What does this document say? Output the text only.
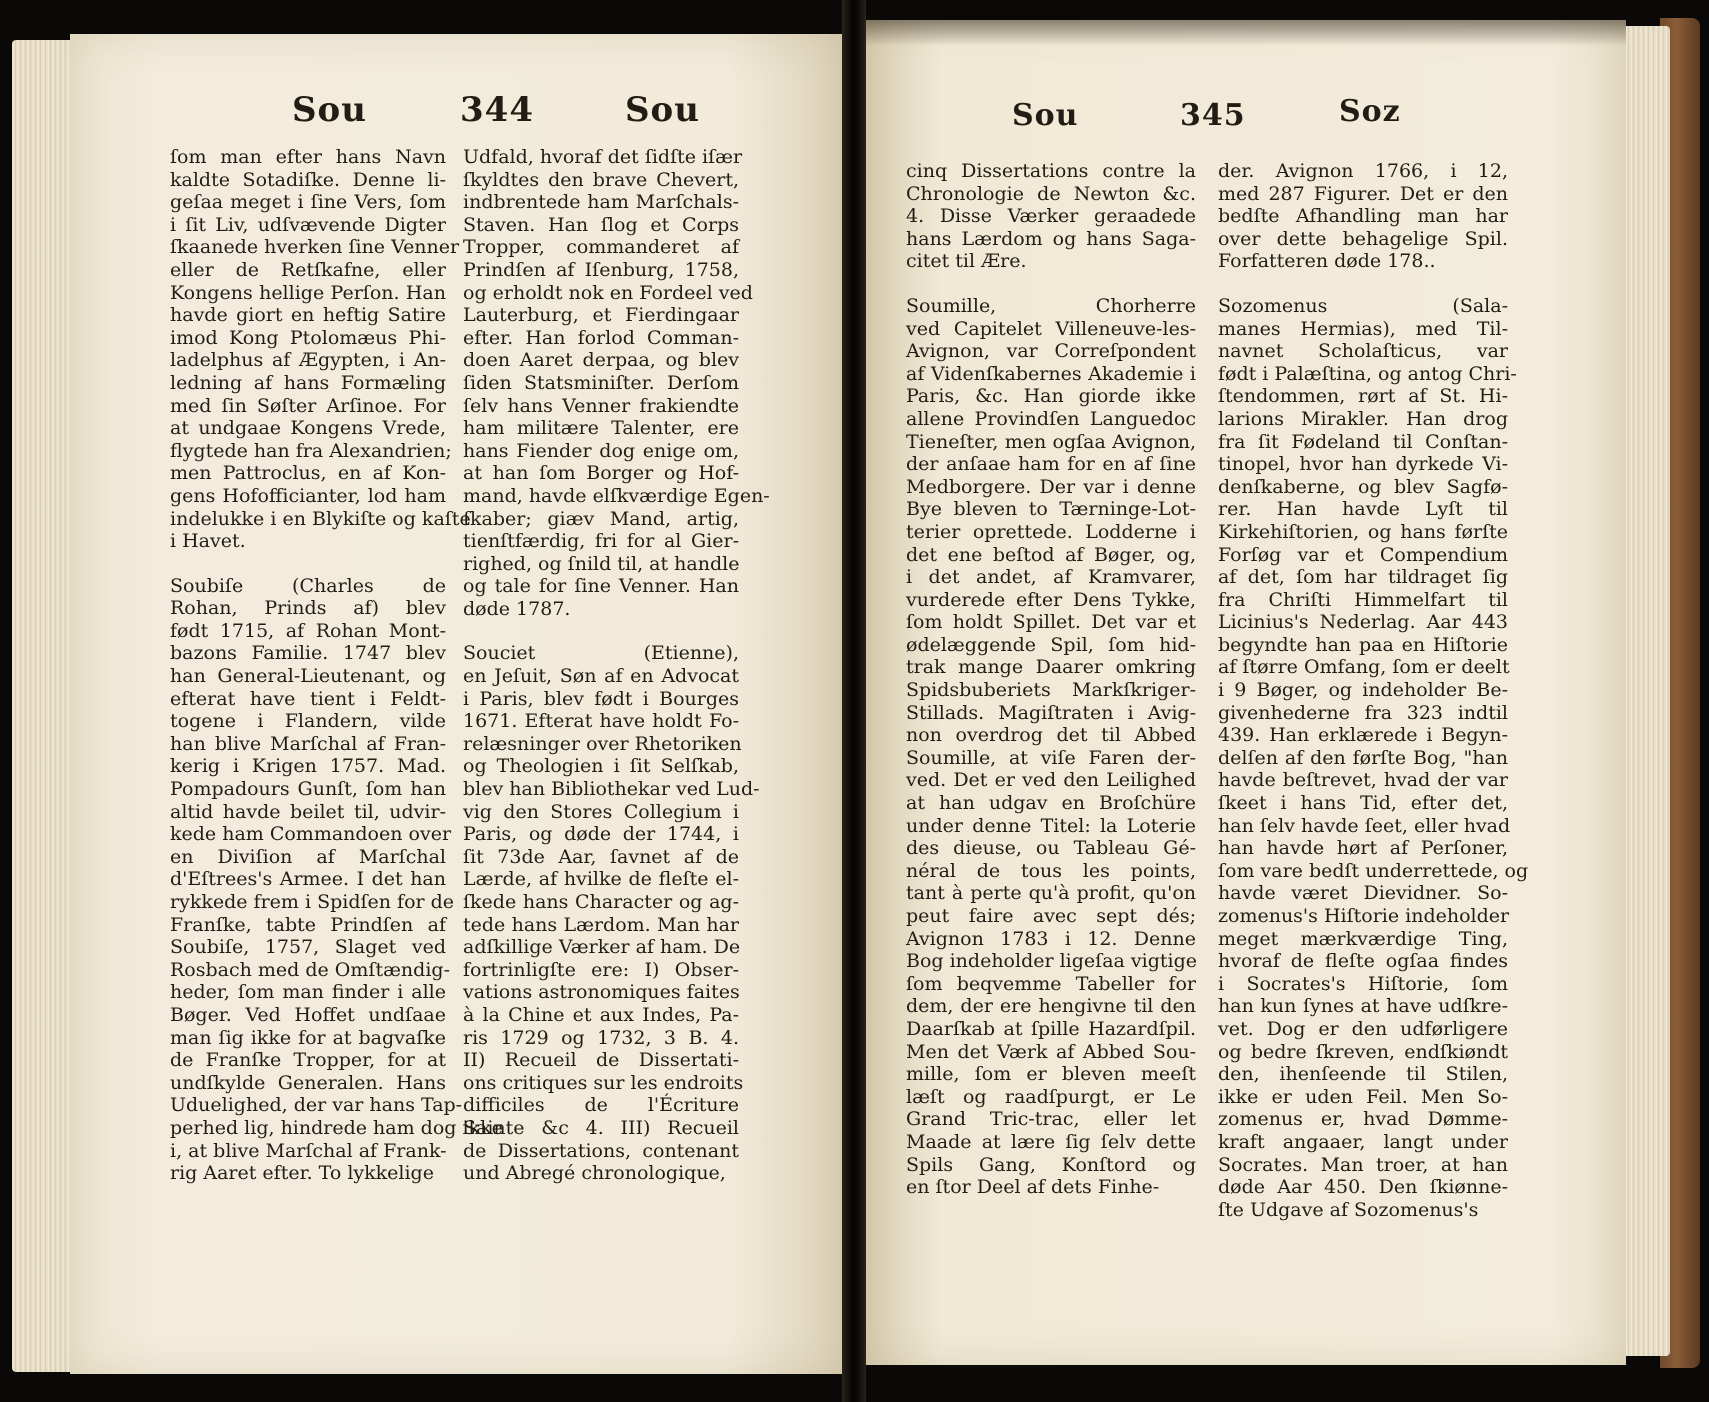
Sou	344	Sou
ſom man efter hans Navn
kaldte Sotadiſke. Denne li-
geſaa meget i ſine Vers, ſom
i ſit Liv, udſvævende Digter
ſkaanede hverken ſine Venner
eller de Retſkafne, eller
Kongens hellige Perſon. Han
havde giort en heftig Satire
imod Kong Ptolomæus Phi-
ladelphus af Ægypten, i An-
ledning af hans Formæling
med ſin Søſter Arſinoe. For
at undgaae Kongens Vrede,
flygtede han fra Alexandrien;
men Pattroclus, en af Kon-
gens Hofofficianter, lod ham
indelukke i en Blykiſte og kaſte
i Havet.
Soubiſe (Charles de
Rohan, Prinds af) blev
født 1715, af Rohan Mont-
bazons Familie. 1747 blev
han General-Lieutenant, og
efterat have tient i Feldt-
togene i Flandern, vilde
han blive Marſchal af Fran-
kerig i Krigen 1757. Mad.
Pompadours Gunſt, ſom han
altid havde beilet til, udvir-
kede ham Commandoen over
en Diviſion af Marſchal
d'Eſtrees's Armee. I det han
rykkede frem i Spidſen for de
Franſke, tabte Prindſen af
Soubiſe, 1757, Slaget ved
Rosbach med de Omſtændig-
heder, ſom man finder i alle
Bøger. Ved Hoffet undſaae
man ſig ikke for at bagvaſke
de Franſke Tropper, for at
undſkylde Generalen. Hans
Uduelighed, der var hans Tap-
perhed lig, hindrede ham dog ikke
i, at blive Marſchal af Frank-
rig Aaret efter. To lykkelige
Udfald, hvoraf det ſidſte iſær
ſkyldtes den brave Chevert,
indbrentede ham Marſchals-
Staven. Han ſlog et Corps
Tropper, commanderet af
Prindſen af Iſenburg, 1758,
og erholdt nok en Fordeel ved
Lauterburg, et Fierdingaar
efter. Han forlod Comman-
doen Aaret derpaa, og blev
ſiden Statsminiſter. Derſom
ſelv hans Venner frakiendte
ham militære Talenter, ere
hans Fiender dog enige om,
at han ſom Borger og Hof-
mand, havde elſkværdige Egen-
ſkaber; giæv Mand, artig,
tienſtfærdig, fri for al Gier-
righed, og ſnild til, at handle
og tale for ſine Venner. Han
døde 1787.
Souciet (Etienne),
en Jeſuit, Søn af en Advocat
i Paris, blev født i Bourges
1671. Efterat have holdt Fo-
relæsninger over Rhetoriken
og Theologien i ſit Selſkab,
blev han Bibliothekar ved Lud-
vig den Stores Collegium i
Paris, og døde der 1744, i
ſit 73de Aar, ſavnet af de
Lærde, af hvilke de fleſte el-
ſkede hans Character og ag-
tede hans Lærdom. Man har
adſkillige Værker af ham. De
fortrinligſte ere: I) Obser-
vations astronomiques faites
à la Chine et aux Indes, Pa-
ris 1729 og 1732, 3 B. 4.
II) Recueil de Dissertati-
ons critiques sur les endroits
difficiles de l'Écriture
Sainte &c 4. III) Recueil
de Dissertations, contenant
und Abregé chronologique,
Sou	345	Soz
cinq Dissertations contre la
Chronologie de Newton &c.
4. Disse Værker geraadede
hans Lærdom og hans Saga-
citet til Ære.
Soumille, Chorherre
ved Capitelet Villeneuve-les-
Avignon, var Correſpondent
af Videnſkabernes Akademie i
Paris, &c. Han giorde ikke
allene Provindſen Languedoc
Tieneſter, men ogſaa Avignon,
der anſaae ham for en af ſine
Medborgere. Der var i denne
Bye bleven to Tærninge-Lot-
terier oprettede. Lodderne i
det ene beſtod af Bøger, og,
i det andet, af Kramvarer,
vurderede efter Dens Tykke,
ſom holdt Spillet. Det var et
ødelæggende Spil, ſom hid-
trak mange Daarer omkring
Spidsbuberiets Markſkriger-
Stillads. Magiſtraten i Avig-
non overdrog det til Abbed
Soumille, at viſe Faren der-
ved. Det er ved den Leilighed
at han udgav en Broſchüre
under denne Titel: la Loterie
des dieuse, ou Tableau Gé-
néral de tous les points,
tant à perte qu'à profit, qu'on
peut faire avec sept dés;
Avignon 1783 i 12. Denne
Bog indeholder ligeſaa vigtige
ſom beqvemme Tabeller for
dem, der ere hengivne til den
Daarſkab at ſpille Hazardſpil.
Men det Værk af Abbed Sou-
mille, ſom er bleven meeſt
læſt og raadſpurgt, er Le
Grand Tric-trac, eller let
Maade at lære ſig ſelv dette
Spils Gang, Konſtord og
en ſtor Deel af dets Finhe-
der. Avignon 1766, i 12,
med 287 Figurer. Det er den
bedſte Afhandling man har
over dette behagelige Spil.
Forfatteren døde 178..
Sozomenus (Sala-
manes Hermias), med Til-
navnet Scholaſticus, var
født i Palæſtina, og antog Chri-
ſtendommen, rørt af St. Hi-
larions Mirakler. Han drog
fra ſit Fødeland til Conſtan-
tinopel, hvor han dyrkede Vi-
denſkaberne, og blev Sagfø-
rer. Han havde Lyſt til
Kirkehiſtorien, og hans førſte
Forſøg var et Compendium
af det, ſom har tildraget ſig
fra Chriſti Himmelfart til
Licinius's Nederlag. Aar 443
begyndte han paa en Hiſtorie
af ſtørre Omfang, ſom er deelt
i 9 Bøger, og indeholder Be-
givenhederne fra 323 indtil
439. Han erklærede i Begyn-
delſen af den førſte Bog, "han
havde beſtrevet, hvad der var
ſkeet i hans Tid, efter det,
han ſelv havde ſeet, eller hvad
han havde hørt af Perſoner,
ſom vare bedſt underrettede, og
havde været Dievidner. So-
zomenus's Hiſtorie indeholder
meget mærkværdige Ting,
hvoraf de fleſte ogſaa findes
i Socrates's Hiſtorie, ſom
han kun ſynes at have udſkre-
vet. Dog er den udførligere
og bedre ſkreven, endſkiøndt
den, ihenſeende til Stilen,
ikke er uden Feil. Men So-
zomenus er, hvad Dømme-
kraft angaaer, langt under
Socrates. Man troer, at han
døde Aar 450. Den ſkiønne-
ſte Udgave af Sozomenus's
